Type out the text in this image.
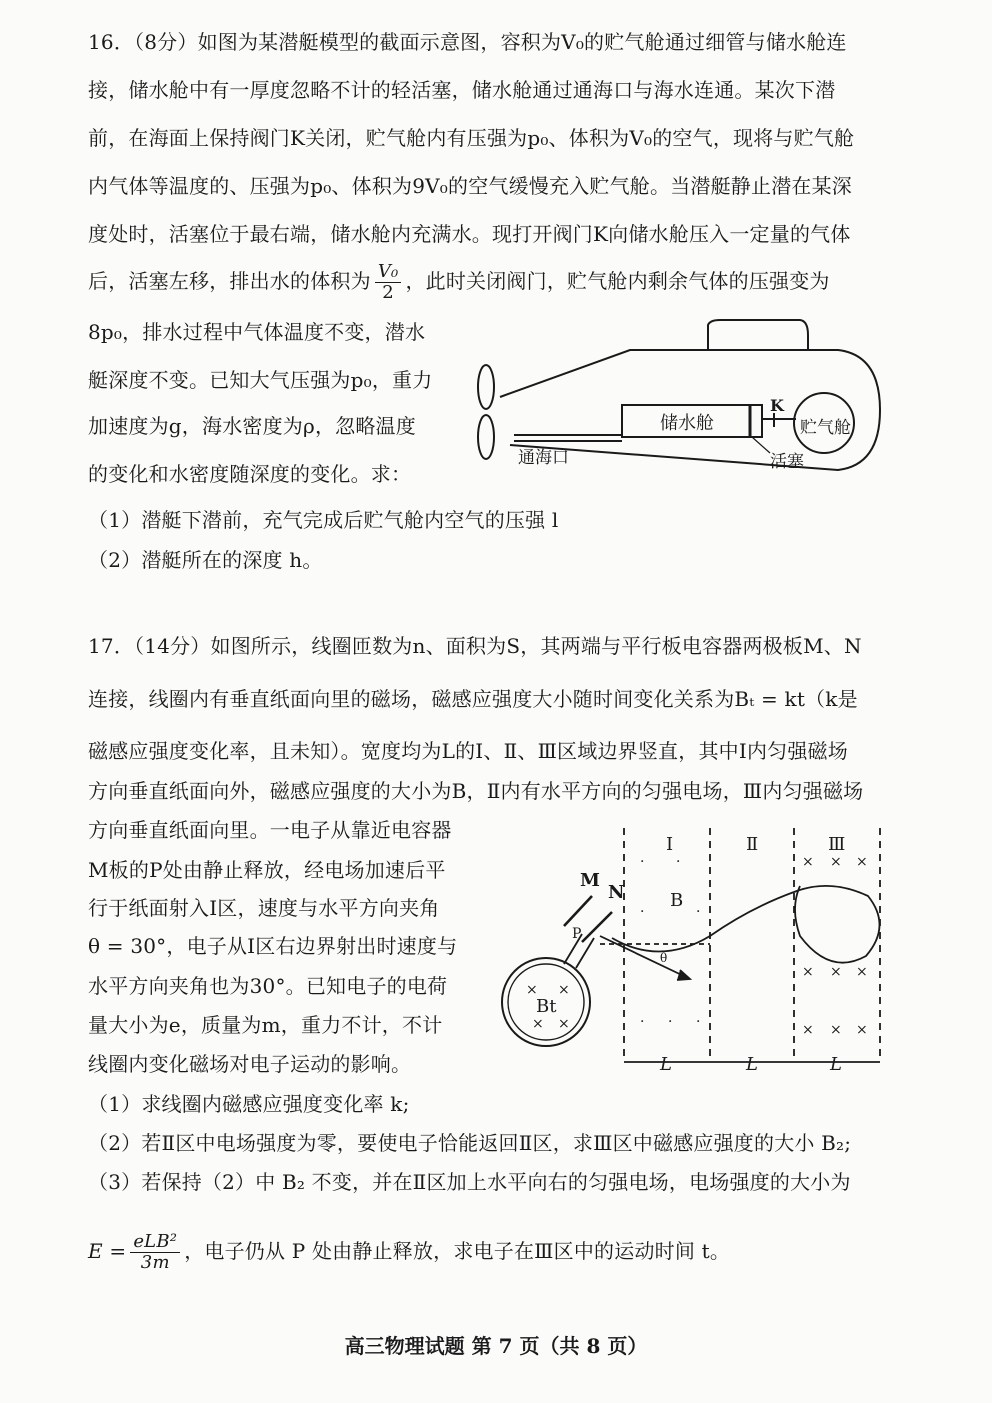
16．（8分）如图为某潜艇模型的截面示意图，容积为V₀的贮气舱通过细管与储水舱连
接，储水舱中有一厚度忽略不计的轻活塞，储水舱通过通海口与海水连通。某次下潜
前，在海面上保持阀门K关闭，贮气舱内有压强为p₀、体积为V₀的空气，现将与贮气舱
内气体等温度的、压强为p₀、体积为9V₀的空气缓慢充入贮气舱。当潜艇静止潜在某深
度处时，活塞位于最右端，储水舱内充满水。现打开阀门K向储水舱压入一定量的气体
后，活塞左移，排出水的体积为 $\frac{\text{V₀}}{2}$ ，此时关闭阀门，贮气舱内剩余气体的压强变为
8p₀，排水过程中气体温度不变，潜水
艇深度不变。已知大气压强为p₀，重力
加速度为g，海水密度为ρ，忽略温度
的变化和水密度随深度的变化。求：
（1）潜艇下潜前，充气完成后贮气舱内空气的压强 l
（2）潜艇所在的深度 h。
储水舱	贮气舱
K
通海口	活塞
17．（14分）如图所示，线圈匝数为n、面积为S，其两端与平行板电容器两极板M、N
连接，线圈内有垂直纸面向里的磁场，磁感应强度大小随时间变化关系为Bₜ = kt（k是
磁感应强度变化率，且未知）。宽度均为L的Ⅰ、Ⅱ、Ⅲ区域边界竖直，其中Ⅰ内匀强磁场
方向垂直纸面向外，磁感应强度的大小为B，Ⅱ内有水平方向的匀强电场，Ⅲ内匀强磁场
方向垂直纸面向里。一电子从靠近电容器
M板的P处由静止释放，经电场加速后平
行于纸面射入Ⅰ区，速度与水平方向夹角
θ = 30°，电子从Ⅰ区右边界射出时速度与
水平方向夹角也为30°。已知电子的电荷
量大小为e，质量为m，重力不计，不计
线圈内变化磁场对电子运动的影响。
（1）求线圈内磁感应强度变化率 k;
（2）若Ⅱ区中电场强度为零，要使电子恰能返回Ⅱ区，求Ⅲ区中磁感应强度的大小 B₂;
（3）若保持（2）中 B₂ 不变，并在Ⅱ区加上水平向右的匀强电场，电场强度的大小为
$E = \frac{\text{eLB²}}{3m}$ ，电子仍从 P 处由静止释放，求电子在Ⅲ区中的运动时间 t。
Ⅰ	Ⅱ	Ⅲ
M
N	B
P
Bt
θ
L	L	L
· ·
·	·
· · ·
× × ×
× × ×
× × ×
× ×
× ×
高三物理试题 第 7 页（共 8 页）
